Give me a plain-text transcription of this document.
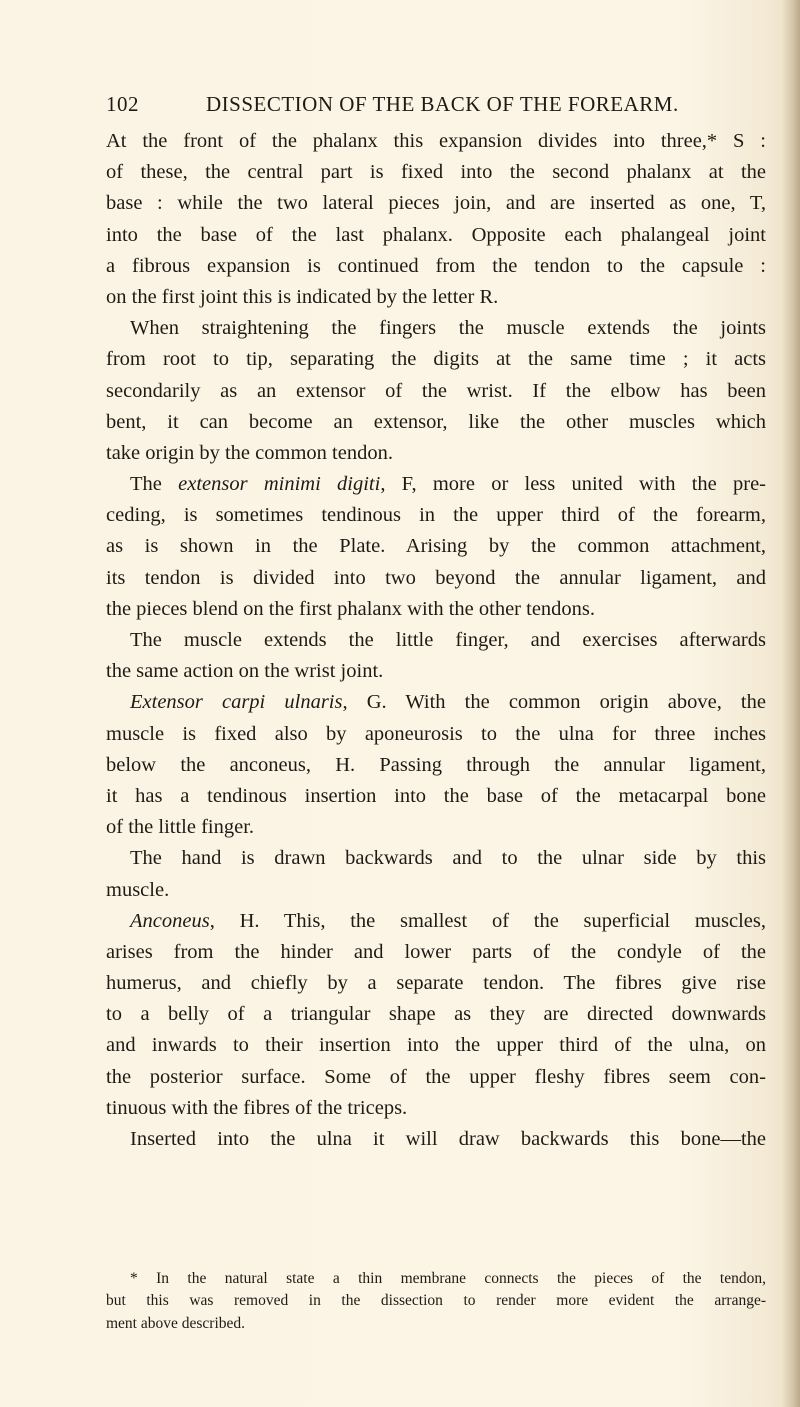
102	DISSECTION OF THE BACK OF THE FOREARM.
At the front of the phalanx this expansion divides into three,* S :
of these, the central part is fixed into the second phalanx at the
base : while the two lateral pieces join, and are inserted as one, T,
into the base of the last phalanx. Opposite each phalangeal joint
a fibrous expansion is continued from the tendon to the capsule :
on the first joint this is indicated by the letter R.
When straightening the fingers the muscle extends the joints
from root to tip, separating the digits at the same time ; it acts
secondarily as an extensor of the wrist. If the elbow has been
bent, it can become an extensor, like the other muscles which
take origin by the common tendon.
The extensor minimi digiti, F, more or less united with the pre-
ceding, is sometimes tendinous in the upper third of the forearm,
as is shown in the Plate. Arising by the common attachment,
its tendon is divided into two beyond the annular ligament, and
the pieces blend on the first phalanx with the other tendons.
The muscle extends the little finger, and exercises afterwards
the same action on the wrist joint.
Extensor carpi ulnaris, G. With the common origin above, the
muscle is fixed also by aponeurosis to the ulna for three inches
below the anconeus, H. Passing through the annular ligament,
it has a tendinous insertion into the base of the metacarpal bone
of the little finger.
The hand is drawn backwards and to the ulnar side by this
muscle.
Anconeus, H. This, the smallest of the superficial muscles,
arises from the hinder and lower parts of the condyle of the
humerus, and chiefly by a separate tendon. The fibres give rise
to a belly of a triangular shape as they are directed downwards
and inwards to their insertion into the upper third of the ulna, on
the posterior surface. Some of the upper fleshy fibres seem con-
tinuous with the fibres of the triceps.
Inserted into the ulna it will draw backwards this bone—the
* In the natural state a thin membrane connects the pieces of the tendon,
but this was removed in the dissection to render more evident the arrange-
ment above described.
